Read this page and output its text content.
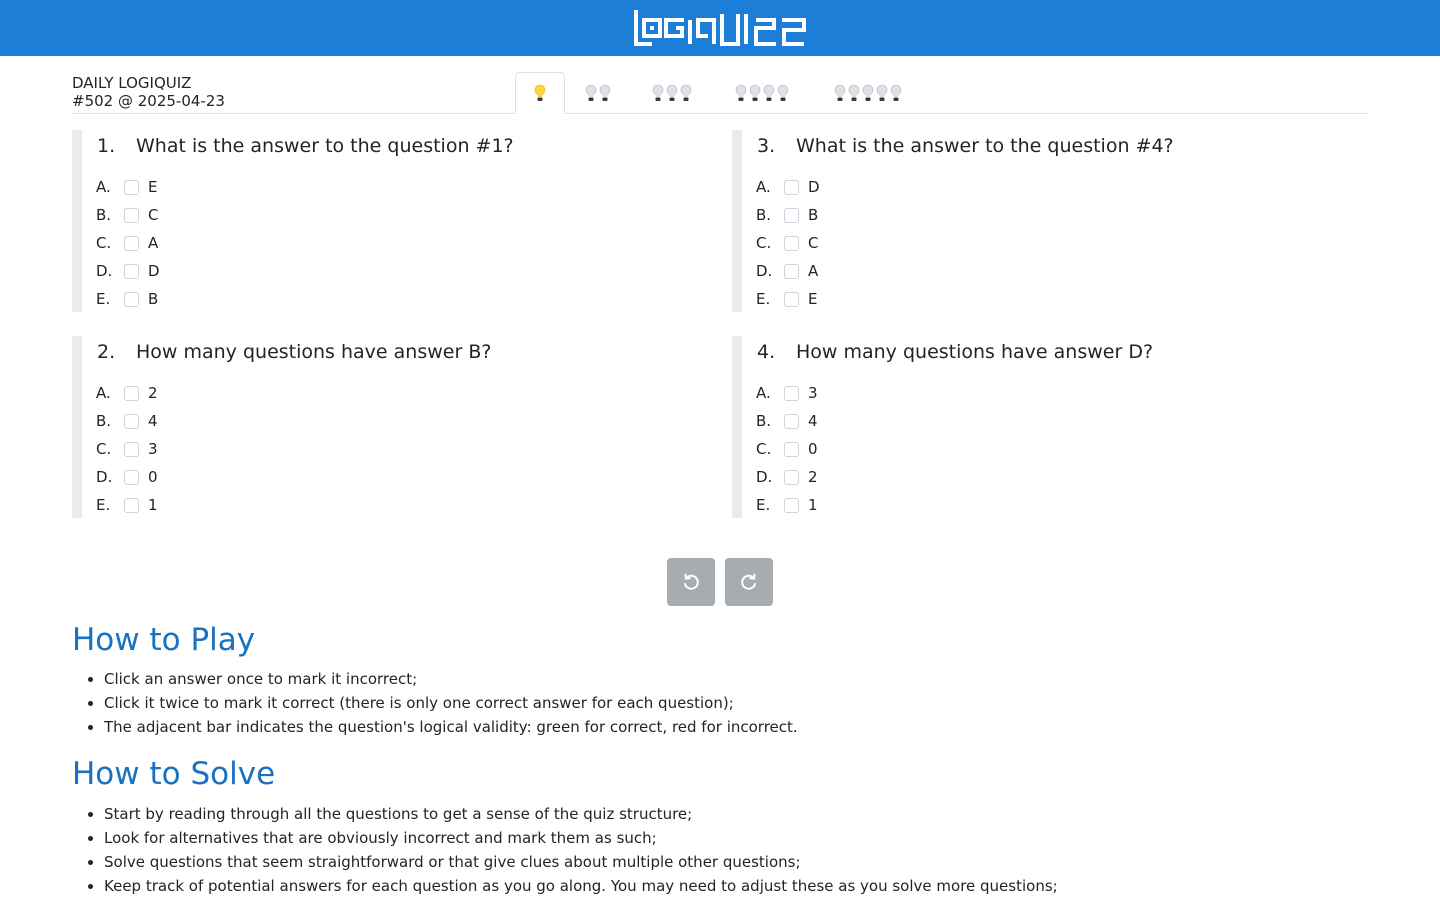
DAILY LOGIQUIZ
#502 @ 2025-04-23
1. What is the answer to the question #1?
A.	E
B.	C
C.	A
D.	D
E.	B
2. How many questions have answer B?
A.	2
B.	4
C.	3
D.	0
E.	1
3. What is the answer to the question #4?
A.	D
B.	B
C.	C
D.	A
E.	E
4. How many questions have answer D?
A.	3
B.	4
C.	0
D.	2
E.	1
How to Play
• Click an answer once to mark it incorrect;
• Click it twice to mark it correct (there is only one correct answer for each question);
• The adjacent bar indicates the question's logical validity: green for correct, red for incorrect.
How to Solve
• Start by reading through all the questions to get a sense of the quiz structure;
• Look for alternatives that are obviously incorrect and mark them as such;
• Solve questions that seem straightforward or that give clues about multiple other questions;
• Keep track of potential answers for each question as you go along. You may need to adjust these as you solve more questions;
